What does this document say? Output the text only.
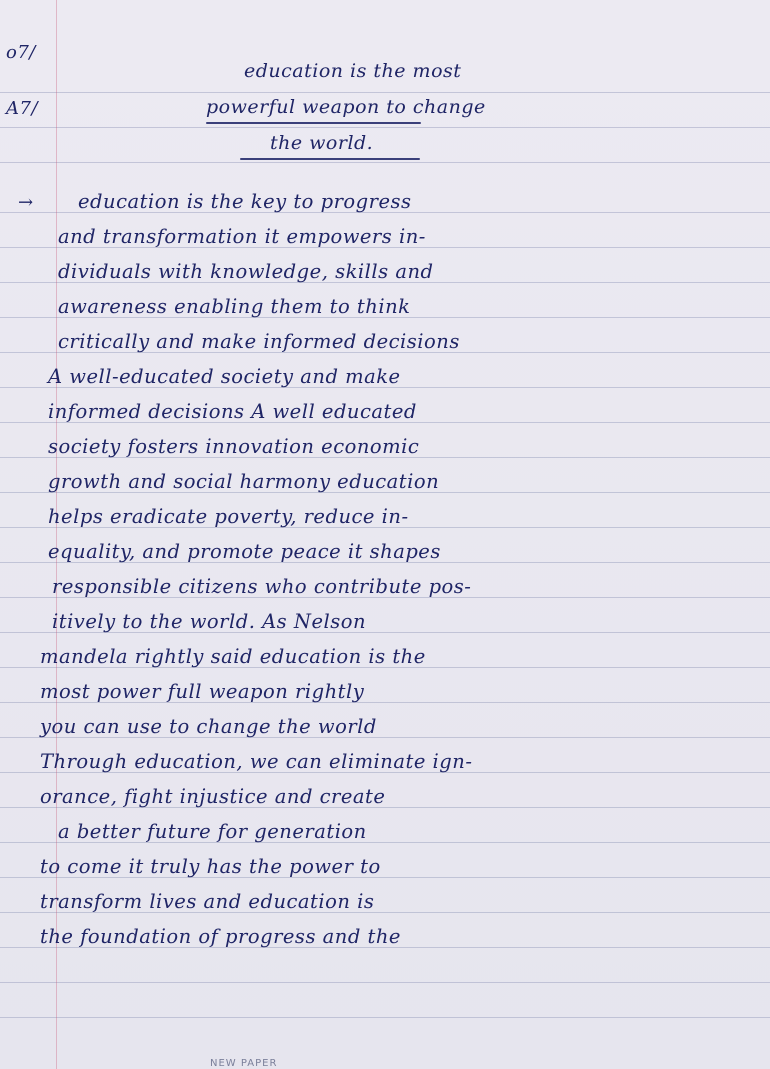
o7/
A7/
education is the most
powerful weapon to change
the world.
→ education is the key to progress
and transformation it empowers in-
dividuals with knowledge, skills and
awareness enabling them to think
critically and make informed decisions
A well-educated society and make
informed decisions A well educated
society fosters innovation economic
growth and social harmony education
helps eradicate poverty, reduce in-
equality, and promote peace it shapes
responsible citizens who contribute pos-
itively to the world. As Nelson
mandela rightly said education is the
most power full weapon rightly
you can use to change the world
Through education, we can eliminate ign-
orance, fight injustice and create
a better future for generation
to come it truly has the power to
transform lives and education is
the foundation of progress and the
NEW PAPER
